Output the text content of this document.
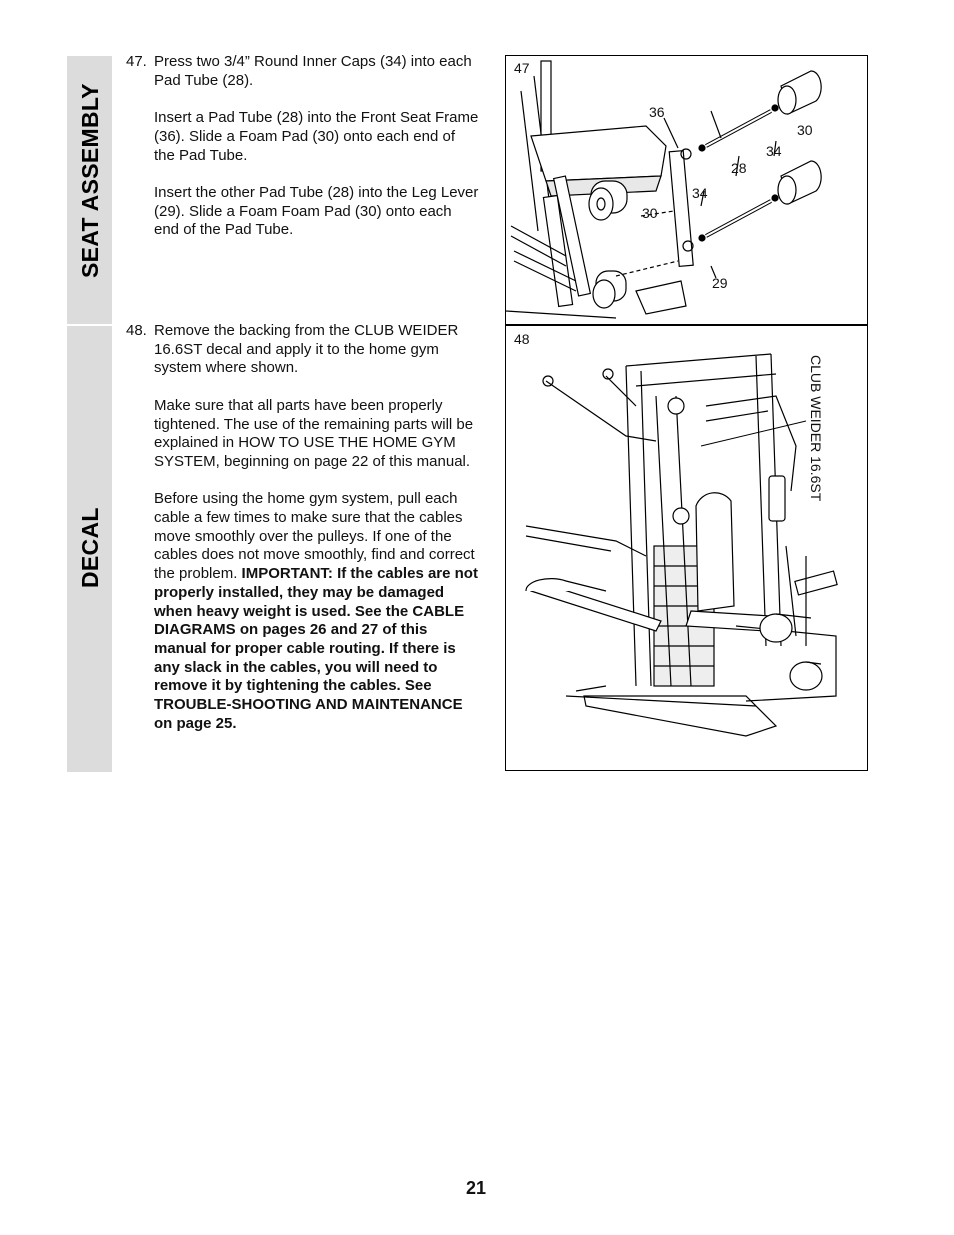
SEAT ASSEMBLY
DECAL
47. Press two 3/4” Round Inner Caps (34) into each Pad Tube (28).

Insert a Pad Tube (28) into the Front Seat Frame (36). Slide a Foam Pad (30) onto each end of the Pad Tube.

Insert the other Pad Tube (28) into the Leg Lever (29). Slide a Foam Foam Pad (30) onto each end of the Pad Tube.

48. Remove the backing from the CLUB WEIDER 16.6ST decal and apply it to the home gym system where shown.

Make sure that all parts have been properly tightened. The use of the remaining parts will be explained in HOW TO USE THE HOME GYM SYSTEM, beginning on page 22 of this manual.

Before using the home gym system, pull each cable a few times to make sure that the cables move smoothly over the pulleys. If one of the cables does not move smoothly, find and correct the problem. IMPORTANT: If the cables are not properly installed, they may be damaged when heavy weight is used. See the CABLE DIAGRAMS on pages 26 and 27 of this manual for proper cable routing. If there is any slack in the cables, you will need to remove it by tightening the cables. See TROUBLE-SHOOTING AND MAINTENANCE on page 25.

47
48
36
30
34
28
34
30
29
CLUB WEIDER 16.6ST
21
